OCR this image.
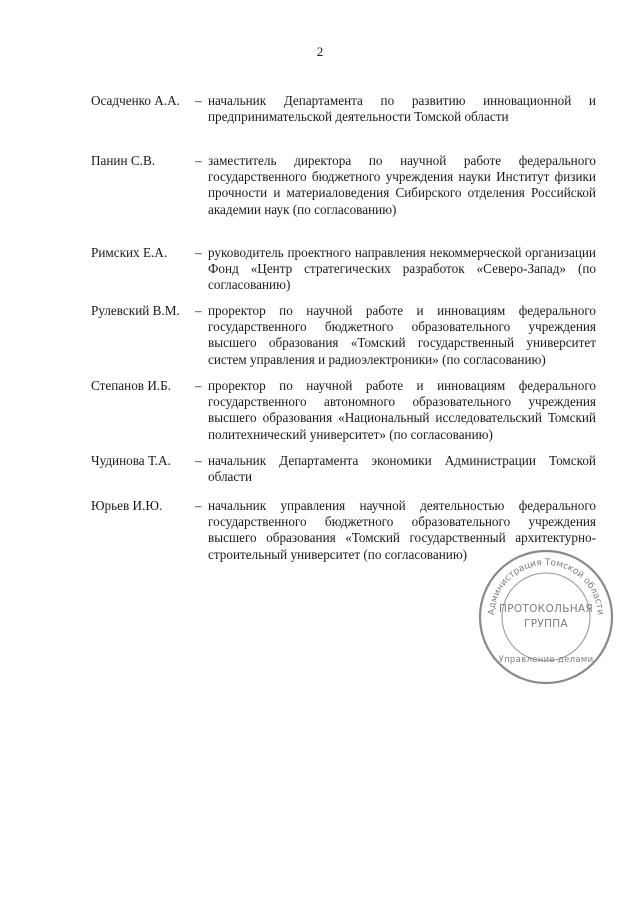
2
Осадченко А.А. – начальник Департамента по развитию инновационной и предпринимательской деятельности Томской области
Панин С.В.	– заместитель директора по научной работе федерального государственного бюджетного учреждения науки Институт физики прочности и материаловедения Сибирского отделения Российской академии наук (по согласованию)
Римских Е.А. – руководитель проектного направления некоммерческой организации Фонд «Центр стратегических разработок «Северо-Запад» (по согласованию)
Рулевский В.М. – проректор по научной работе и инновациям федерального государственного бюджетного образовательного учреждения высшего образования «Томский государственный университет систем управления и радиоэлектроники» (по согласованию)
Степанов И.Б. – проректор по научной работе и инновациям федерального государственного автономного образовательного учреждения высшего образования «Национальный исследовательский Томский политехнический университет» (по согласованию)
Чудинова Т.А. – начальник Департамента экономики Администрации Томской области
Юрьев И.Ю. – начальник управления научной деятельностью федерального государственного бюджетного образовательного учреждения высшего образования «Томский государственный архитектурно-строительный университет (по согласованию)
Администрация Томской области
ПРОТОКОЛЬНАЯ
ГРУППА
Управление делами
